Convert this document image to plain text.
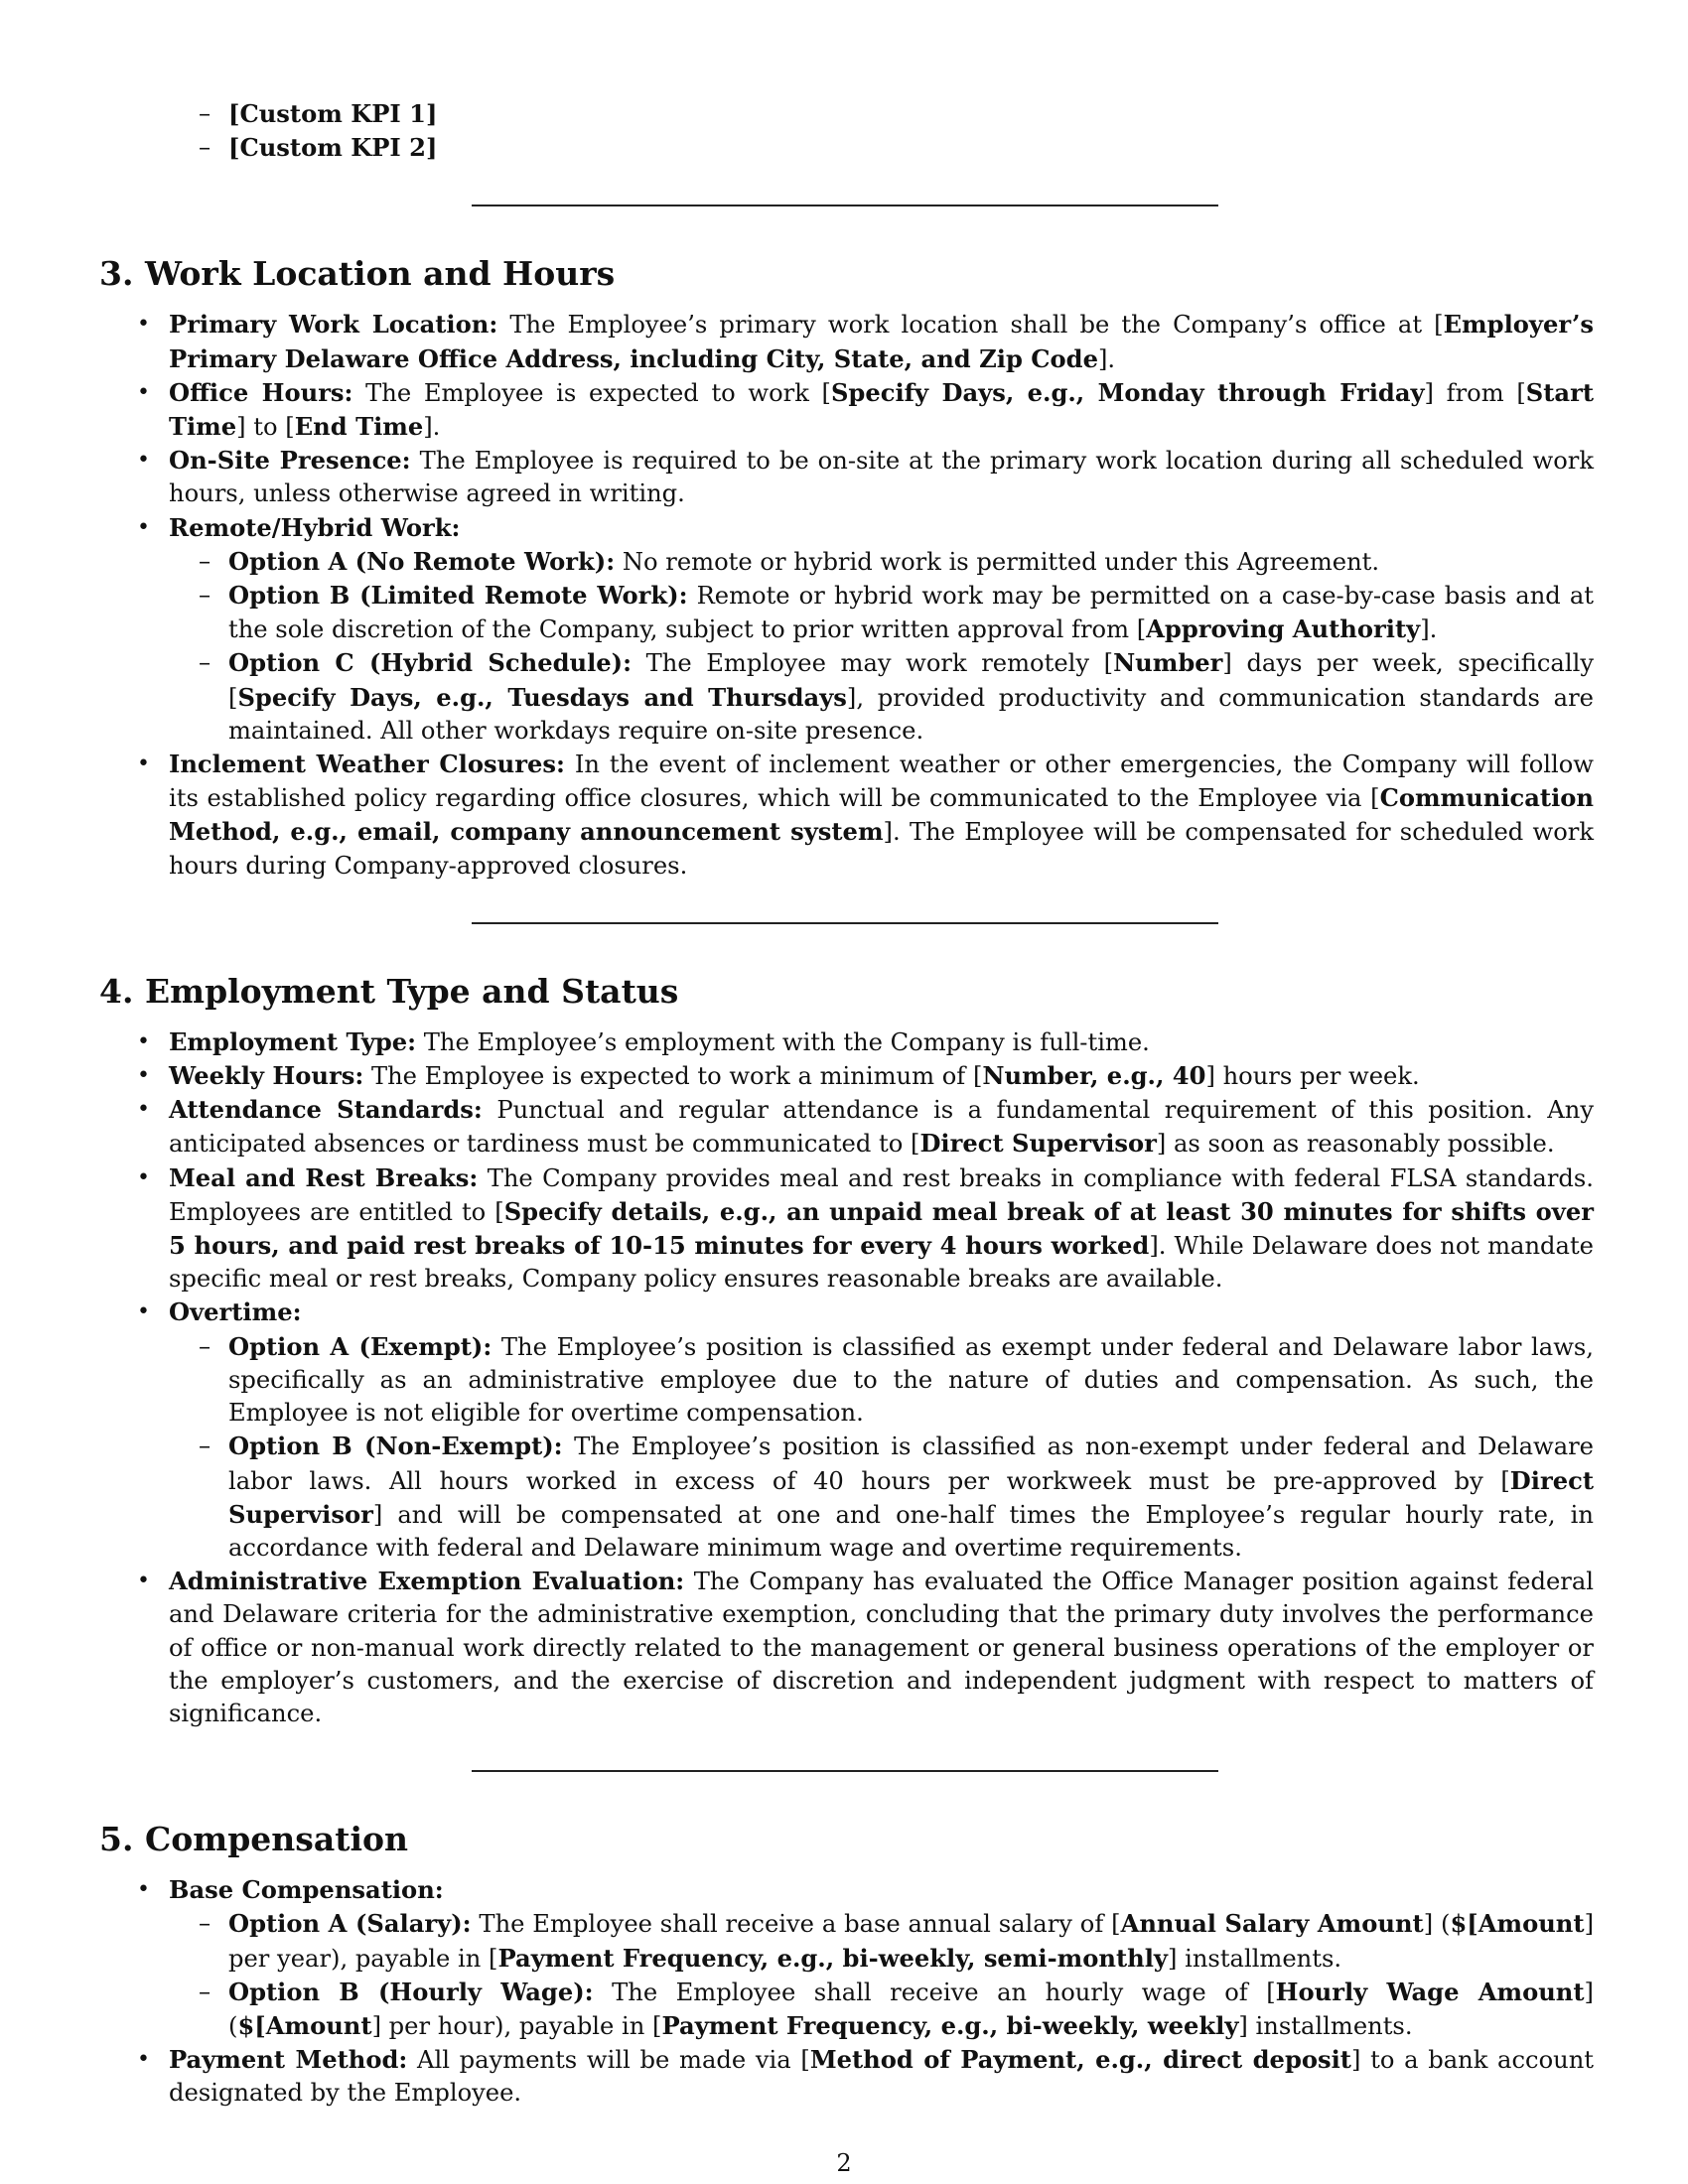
– [Custom KPI 1]
– [Custom KPI 2]
3. Work Location and Hours
• Primary Work Location: The Employee’s primary work location shall be the Company’s office at [Employer’s Primary Delaware Office Address, including City, State, and Zip Code].
• Office Hours: The Employee is expected to work [Specify Days, e.g., Monday through Friday] from [Start Time] to [End Time].
• On-Site Presence: The Employee is required to be on-site at the primary work location during all scheduled work hours, unless otherwise agreed in writing.
• Remote/Hybrid Work:
– Option A (No Remote Work): No remote or hybrid work is permitted under this Agreement.
– Option B (Limited Remote Work): Remote or hybrid work may be permitted on a case-by-case basis and at the sole discretion of the Company, subject to prior written approval from [Approving Authority].
– Option C (Hybrid Schedule): The Employee may work remotely [Number] days per week, specifically [Specify Days, e.g., Tuesdays and Thursdays], provided productivity and communication standards are maintained. All other workdays require on-site presence.
• Inclement Weather Closures: In the event of inclement weather or other emergencies, the Company will follow its established policy regarding office closures, which will be communicated to the Employee via [Communication Method, e.g., email, company announcement system]. The Employee will be compensated for scheduled work hours during Company-approved closures.
4. Employment Type and Status
• Employment Type: The Employee’s employment with the Company is full-time.
• Weekly Hours: The Employee is expected to work a minimum of [Number, e.g., 40] hours per week.
• Attendance Standards: Punctual and regular attendance is a fundamental requirement of this position. Any anticipated absences or tardiness must be communicated to [Direct Supervisor] as soon as reasonably possible.
• Meal and Rest Breaks: The Company provides meal and rest breaks in compliance with federal FLSA standards. Employees are entitled to [Specify details, e.g., an unpaid meal break of at least 30 minutes for shifts over 5 hours, and paid rest breaks of 10-15 minutes for every 4 hours worked]. While Delaware does not mandate specific meal or rest breaks, Company policy ensures reasonable breaks are available.
• Overtime:
– Option A (Exempt): The Employee’s position is classified as exempt under federal and Delaware labor laws, specifically as an administrative employee due to the nature of duties and compensation. As such, the Employee is not eligible for overtime compensation.
– Option B (Non-Exempt): The Employee’s position is classified as non-exempt under federal and Delaware labor laws. All hours worked in excess of 40 hours per workweek must be pre-approved by [Direct Supervisor] and will be compensated at one and one-half times the Employee’s regular hourly rate, in accordance with federal and Delaware minimum wage and overtime requirements.
• Administrative Exemption Evaluation: The Company has evaluated the Office Manager position against federal and Delaware criteria for the administrative exemption, concluding that the primary duty involves the performance of office or non-manual work directly related to the management or general business operations of the employer or the employer’s customers, and the exercise of discretion and independent judgment with respect to matters of significance.
5. Compensation
• Base Compensation:
– Option A (Salary): The Employee shall receive a base annual salary of [Annual Salary Amount] ($[Amount] per year), payable in [Payment Frequency, e.g., bi-weekly, semi-monthly] installments.
– Option B (Hourly Wage): The Employee shall receive an hourly wage of [Hourly Wage Amount] ($[Amount] per hour), payable in [Payment Frequency, e.g., bi-weekly, weekly] installments.
• Payment Method: All payments will be made via [Method of Payment, e.g., direct deposit] to a bank account designated by the Employee.
2
